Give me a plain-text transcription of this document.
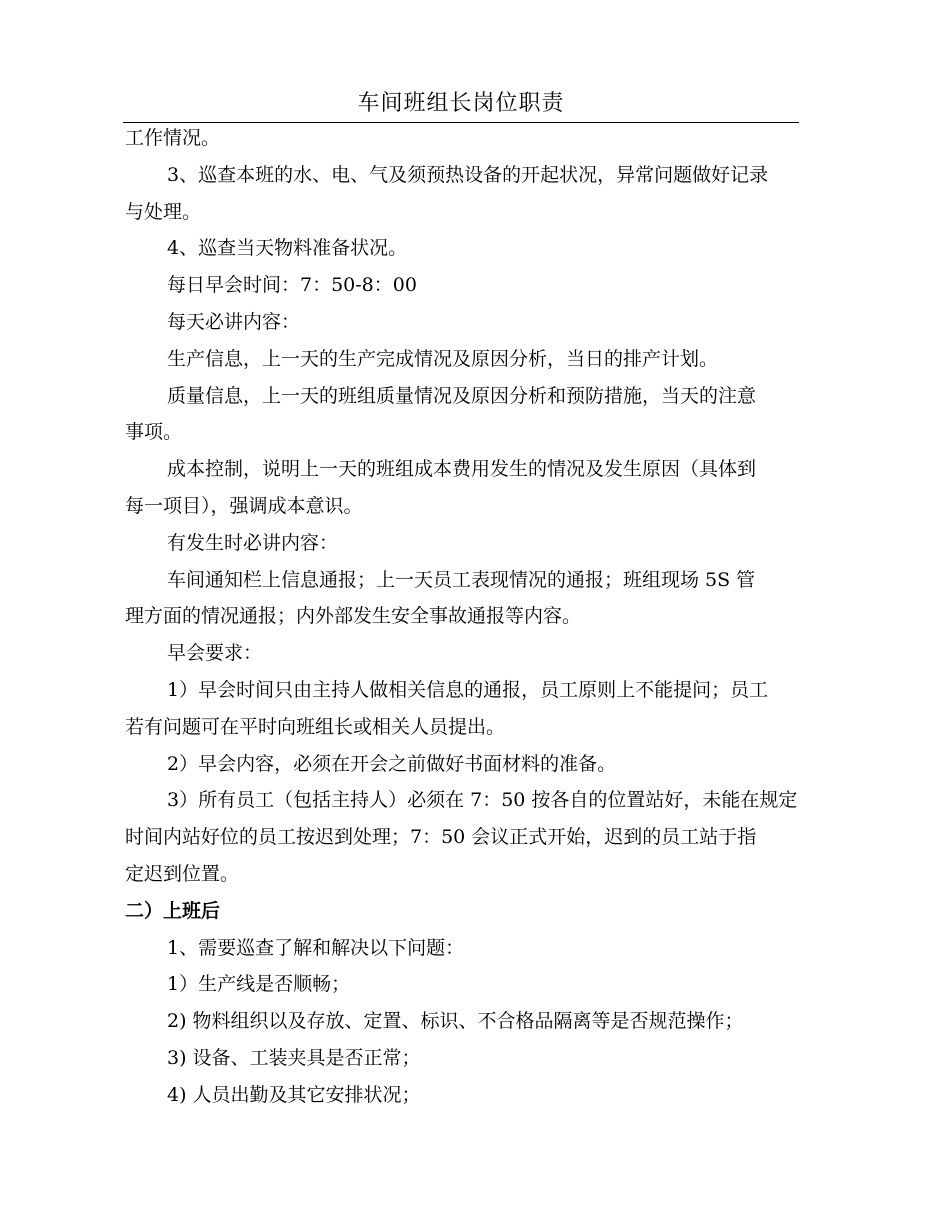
车间班组长岗位职责
工作情况。
3、巡查本班的水、电、气及须预热设备的开起状况，异常问题做好记录
与处理。
4、巡查当天物料准备状况。
每日早会时间：7：50-8：00
每天必讲内容：
生产信息，上一天的生产完成情况及原因分析，当日的排产计划。
质量信息，上一天的班组质量情况及原因分析和预防措施，当天的注意
事项。
成本控制，说明上一天的班组成本费用发生的情况及发生原因（具体到
每一项目），强调成本意识。
有发生时必讲内容：
车间通知栏上信息通报；上一天员工表现情况的通报；班组现场 5S 管
理方面的情况通报；内外部发生安全事故通报等内容。
早会要求：
1）早会时间只由主持人做相关信息的通报，员工原则上不能提问；员工
若有问题可在平时向班组长或相关人员提出。
2）早会内容，必须在开会之前做好书面材料的准备。
3）所有员工（包括主持人）必须在 7：50 按各自的位置站好，未能在规定
时间内站好位的员工按迟到处理；7：50 会议正式开始，迟到的员工站于指
定迟到位置。
二）上班后
1、需要巡查了解和解决以下问题：
1）生产线是否顺畅；
2) 物料组织以及存放、定置、标识、不合格品隔离等是否规范操作；
3) 设备、工装夹具是否正常；
4) 人员出勤及其它安排状况；
